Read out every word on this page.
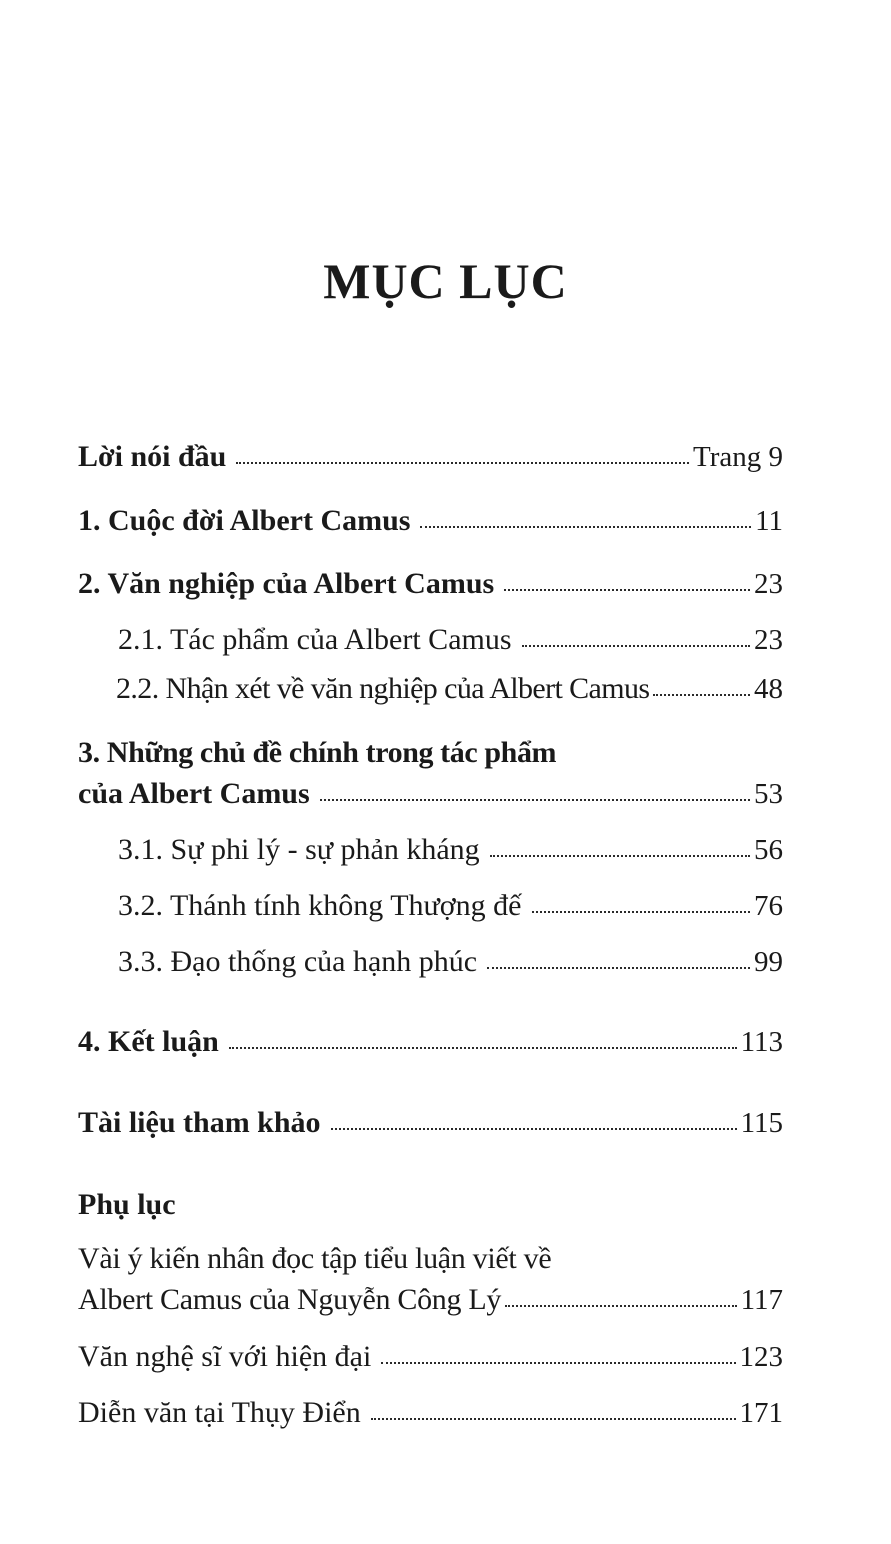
MỤC LỤC
Lời nói đầu	Trang 9
1. Cuộc đời Albert Camus	11
2. Văn nghiệp của Albert Camus	23
2.1. Tác phẩm của Albert Camus	23
2.2. Nhận xét về văn nghiệp của Albert Camus	48
3. Những chủ đề chính trong tác phẩm
của Albert Camus	53
3.1. Sự phi lý - sự phản kháng	56
3.2. Thánh tính không Thượng đế	76
3.3. Đạo thống của hạnh phúc	99
4. Kết luận	113
Tài liệu tham khảo	115
Phụ lục
Vài ý kiến nhân đọc tập tiểu luận viết về
Albert Camus của Nguyễn Công Lý	117
Văn nghệ sĩ với hiện đại	123
Diễn văn tại Thụy Điển	171
